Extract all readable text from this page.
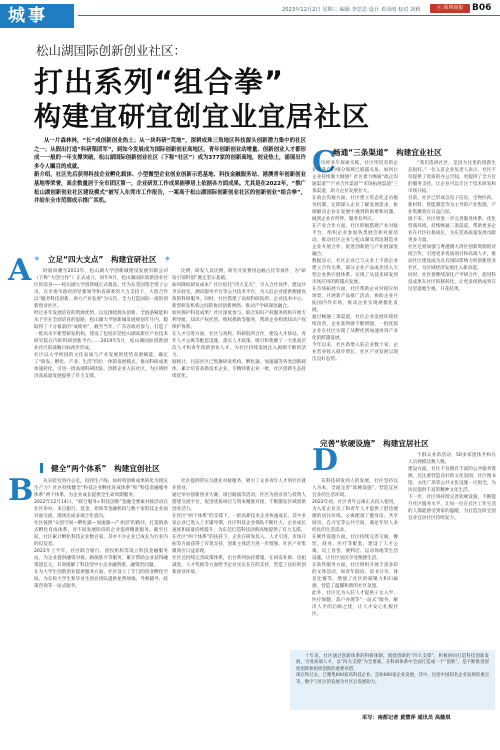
城事	2023年12月2日 星期三 编辑 李思思 设计 邓诗雨 校对 刘莉	ⓡ 深圳商报 B06
松山湖国际创新创业社区：
打出系列“组合拳”
构建宜研宜创宜业宜居社区
从一片森林林，“长”成创新创业热土；从一块科研“荒地”，深耕成珠三角地区科技源头创新潜力集中的社区之一；从假出打造“科研渠团军”，到如今发展成为国际创新创业高地区，青年创新创业动增量、创新创业人才都形成一一般的一年支撑突破，松山湖国际创新创业社区（下称“社区”）成为377家的创新高地，创业热土，涌现出许多令人瞩目的成就。
新介绍，社区先后获得科技企业孵化载体、小型微型企业创业创新示范基地、科技金融服务站、港澳青年创新创业基地等荣誉，高企数量居于全市团区第一，企业研发工作成果能够居上依据各方面成果。尤其是在2022年，“推广松山湖创新创业社区建设模式”被写入东莞市工作报告，一案高于松山湖国际创新创业社区的创新创业“组合拳”，并给东全市范围成示推广其机。
C
畅通“三条渠道”　构建宜业社区
历经多年探索实践，社区所培育的企业在各自的细分领域已崭露头角，如何让企业持续做大做强？社区着力畅通“政企沟通渠道”“产业合作渠道”“市场拓展渠道”三条渠道，助力企业发展壮大。
在政企沟通方面，社区建立常态化走访服务机制，定期深入企业了解发展需求，协调解决企业在发展中遇到的困难和问题，做到企业有所呼、服务有所应。
在产业合作方面，社区积极搭建产业对接平台，组织企业参加各类展会和对接活动，推动社区企业与松山湖及周边制造业企业开展合作，促进创新链与产业链深度融合。
数据显示，社区企业已与众多上下游企业建立合作关系，部分企业产品成功进入大型企业供应链体系，实现了从技术研发到市场应用的跨越式发展。
在市场拓展方面，社区帮助企业对接应用场景，开展新产品推广活动，协助企业开拓国内外市场，推动企业实现规模化发展。
通过畅通三条渠道，社区企业发展环境持续改善，企业获得感不断增强，一批优质企业在社区实现了从孵化到加速再到产业化的跨越发展。
今年以来，社区新增入驻企业数十家，企业营业收入稳步增长，社区产业发展呈现出良好态势。
“我们选择社区，是因为这里的创新生态很好。”一位入驻企业负责人表示，社区不仅提供了优质的办公空间，更提供了全方位的服务支持，让企业可以专注于技术研发和市场开拓。
目前，社区已形成以电子信息、生物医药、新材料、智能制造等为主导的产业集群，产业集聚效应日益凸显。
接下来，社区将进一步完善服务体系，优化营商环境，持续畅通三条渠道，帮助更多企业在社区扎根成长，为东莞高质量发展贡献更多力量。
社区还将加强与粤港澳大湾区创新资源的对接合作，引进更多优质项目和高端人才，推动社区建设成为具有国际影响力的创新创业社区，为区域经济发展注入新动能。
同时，社区将继续深化产学研合作，促进科技成果在社区转移转化，让更多创新成果在这里落地生根、开花结果。
✳ 立足“四大支点”　构建宜研社区 ✳
A	时间回溯至2013年，松山湖大学创新城建设发展有限公司（下称“大创合作”）正式成立，同年9月，松山湖国际创新创业社区的前身——松山湖大学创新城正式奠基。作为东莞国资全资子公司，在市委市政府的坚强领导和省部委的大力支持下，大创合作以“服务科技创新、助力产业发展”为宗旨，全力打造国际一流的创新创业社区。
经过多年发展培育的资源优势，以及围绕源头创新、全链条赋能和从下至在全面培育的思路，松山湖大学创新城发展规划年月内，假取得了十分靠前的“成绩单”，截至当年，广东省政府参与，打造了一批高水平新型研发机构，建设了包括东莞松山湖高新区产业技术研究院在内的科研创新平台……2019年5月，松山湖国际创新创业社区的战略目标初步形成。
社区以大学校园的文化品质与产业发展的优势双重赋能，确定了“研发、孵化、产业、生活”四位一体的发展模式，推动科研成果加速转化，引进一批高端科研团队、创新企业入驻社区，为区域经济高质量发展提供了有力支撑。
比例，研发人员比例，研究开发费用总额占比等条件，为“研发引领科创”奠定坚实基础。
如何降低研发成本？社区依托“四大支点”，引入合作伙伴，建设共享实验室、测试服务平台等公共技术平台，为入驻企业提供便捷高效的科研服务。同时，社区搭建了高校科研院所、企业技术中心、新型研发机构之间的协同创新网络，推动产学研深度融合。
如何保护科技成果？社区深度参与，联合知识产权服务机构开展专利导航、知识产权托管、维权援助等服务，帮助企业构筑知识产权保护体系。
在人才引进方面，社区与高校、科研院所合作，建设人才驿站、青年人才公寓等配套设施，落实人才政策，吸引和集聚了一大批高层次人才和青年创新创业人才，为社区持续发展注入源源不断的活力。
据统计，目前社区已集聚研发机构、孵化器、加速器等各类创新载体，累计培育高新技术企业、专精特新企业一批，社区创新生态持续优化。
健全“两个体系”　构建宜创社区
B	从实验室到办公室，再到生产线，如何将创新成果转化为现实生产力？社区持续健全“科技企业孵化育成体系”和“科技金融服务体系”两个体系，为企业成长提供全生命周期服务。
2022年12月14日，“联合服务+科技创新”金融全要素对接活动在社区举办，来自银行、基金、担保等金融机构与数十家科技企业面对面交流，现场达成多项合作意向。
社区按照“众创空间—孵化器—加速器—产业园”的路径，打造链条式孵化育成体系，对不同发展阶段的企业提供精准服务。截至目前，社区累计孵化科技企业数百家，其中不少企业已成长为行业内的佼佼者。
2023年上半年，社区联合银行、创投机构等设立科技金融服务站，为企业提供融资对接、路演推介等服务，累计帮助企业获得融资超亿元，有效缓解了科技型中小企业融资难、融资贵问题。
在为大学生创新创业提供服务方面，社区设立了专门的创业孵化空间，为在校大学生和毕业生创业团队提供免费场地、导师辅导、政策咨询等一站式服务。
社区提供的实习就业对接服务，吸引了众多青年人才到社区就业创业。
通过举办创新创业大赛、项目路演等活动，社区为创业者与投资人搭建交流平台，促进优质项目与资本精准对接，不断激发区域创新创业活力。
在社区“两个体系”的支撑下，一批高新技术企业快速成长，其中多家企业已进入上市辅导期，社区科技企业梯队不断壮大，企业成长速度和质量持续提升，为东莞打造科技创新高地提供了有力支撑。
在社区“两个体系”的扶持下，企业在研发投入、人才引进、市场开拓等方面获得了有效支持，创新主体活力进一步增强，社区产业集聚效应日益显现。
社区还持续完善政策体系，出台系列扶持措施，在研发补助、房租减免、人才奖励等方面给予企业实实在在的支持，营造了良好的创新创业环境。
完善“软硬设施”　构建宜居社区
D
从科技研发到人的发展，社区坚持以人为本，全面完善“软硬设施”，营造宜居宜业的生活环境。
2022年初，社区青年公寓正式投入使用，为入驻企业员工和青年人才提供了舒适便捷的居住环境。公寓配备了健身房、共享厨房、自习室等公共空间，满足年轻人多样化的生活需求。
在硬件设施方面，社区持续完善交通、餐饮、商业、医疗等配套，建设了人才公寓、员工食堂、便利店、运动场地等生活设施，让社区居民享受便捷生活。
在软件服务方面，社区组织开展丰富多彩的文体活动，如青年联谊、读书分享、体育比赛等，增强了社区的凝聚力和归属感，营造了温馨和谐的社区氛围。
此外，社区还为入驻人才提供子女入学、医疗保健、落户办理等“一站式”服务，解决人才的后顾之忧，让人才安心扎根社区。
个群众业余活动，50多家团体共和在人员规模达数人数。
建设方面，社区不仅拥有丰富的公共服务资源，还注重营造良好的文化氛围，社区图书馆、文化广场等公共文化设施一应俱全，为居民提供丰富的精神文化生活。
下一步，社区将持续完善软硬设施，不断提升社区服务水平，让每一位在社区工作生活的人都能感受到家的温暖，为打造宜研宜创宜业宜居社区持续发力。
十年来，社区通过创新体系的科研体制，围绕创新的“四大支撑”，积极协同打造科技创新发展，引进高端人才，以“四大支撑”为全要素，在科研体系中全面打造成一个“创新”，是不断推进原始创新和组织创新的重要举措。
现在和过去，已聚集800家高科技企业，是如800家企业发展，其中，包括中国知名企业发展的重点等，数字与社区的发展为社区后发展助力。
采写：南都记者 黄慧萍 通讯员 高薇琪
